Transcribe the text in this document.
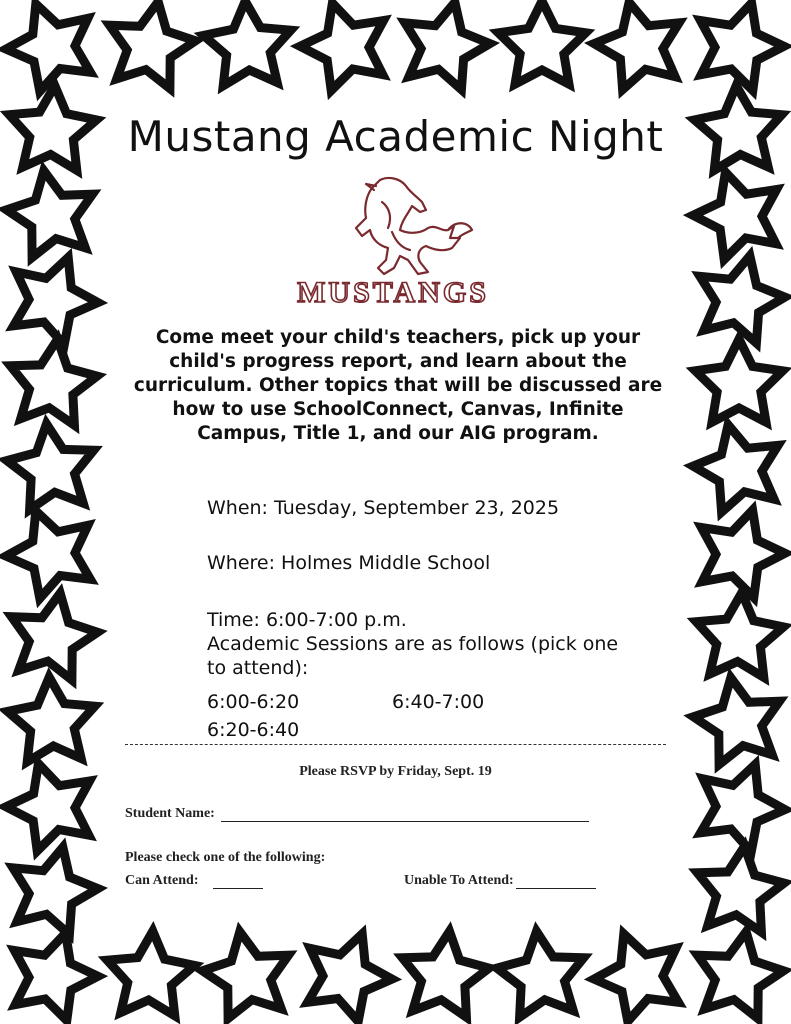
Mustang Academic Night
MUSTANGS
Come meet your child's teachers, pick up your child's progress report, and learn about the curriculum. Other topics that will be discussed are how to use SchoolConnect, Canvas, Infinite Campus, Title 1, and our AIG program.
When: Tuesday, September 23, 2025
Where: Holmes Middle School
Time: 6:00-7:00 p.m.
Academic Sessions are as follows (pick one to attend):
6:00-6:20	6:40-7:00
6:20-6:40
Please RSVP by Friday, Sept. 19
Student Name:
Please check one of the following:
Can Attend:	Unable To Attend:
